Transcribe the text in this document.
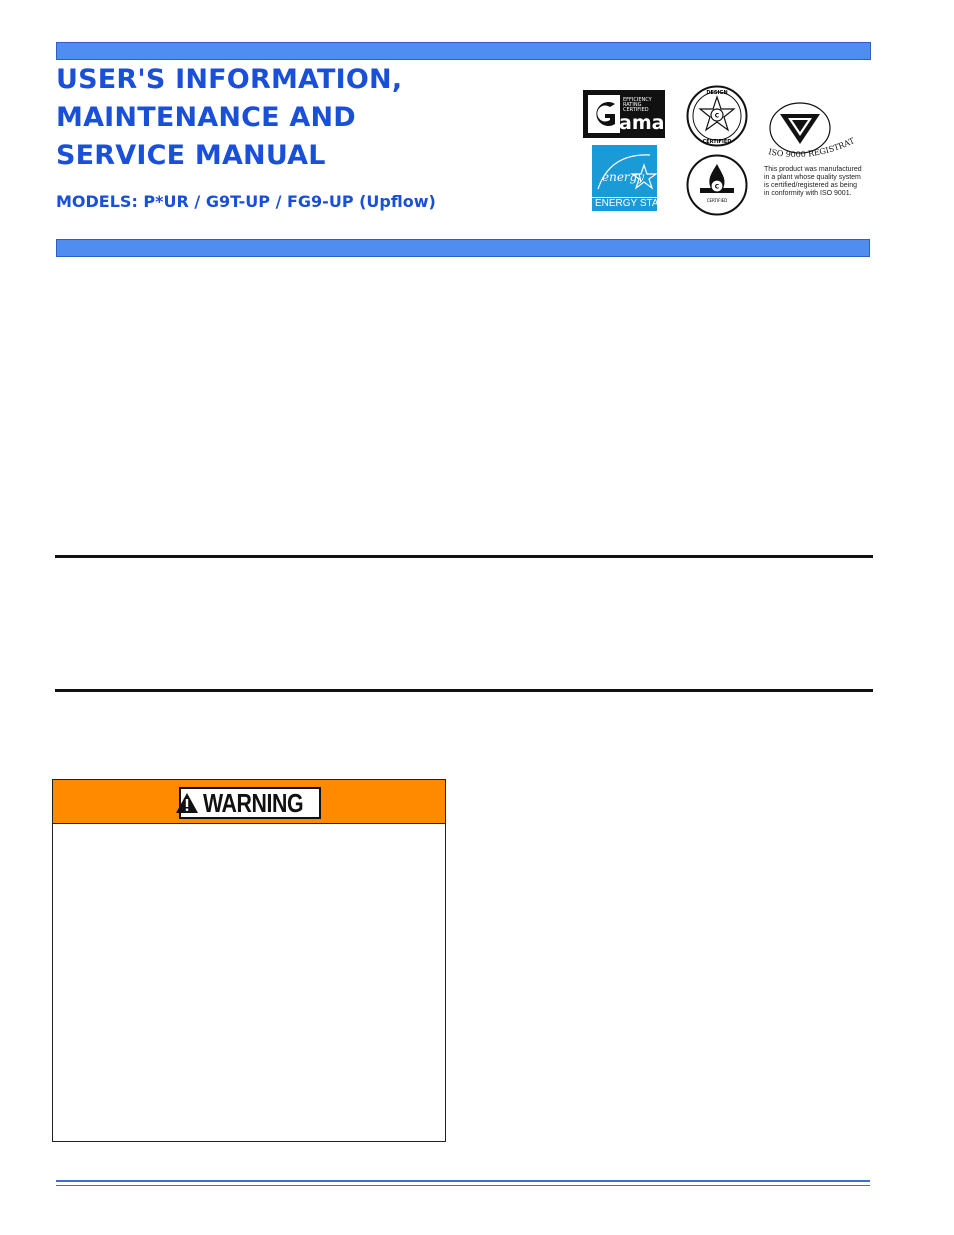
USER'S INFORMATION,
MAINTENANCE AND
SERVICE MANUAL
MODELS: P*UR / G9T-UP / FG9-UP (Upflow)
EFFICIENCY
RATING
CERTIFIED
ama
energy
ENERGY STAR
C
DESIGN
CERTIFIED
C
CERTIFIED
ISO 9000 REGISTRAT
This product was manufactured in a plant whose quality system is certified/registered as being in conformity with ISO 9001.
WARNING
